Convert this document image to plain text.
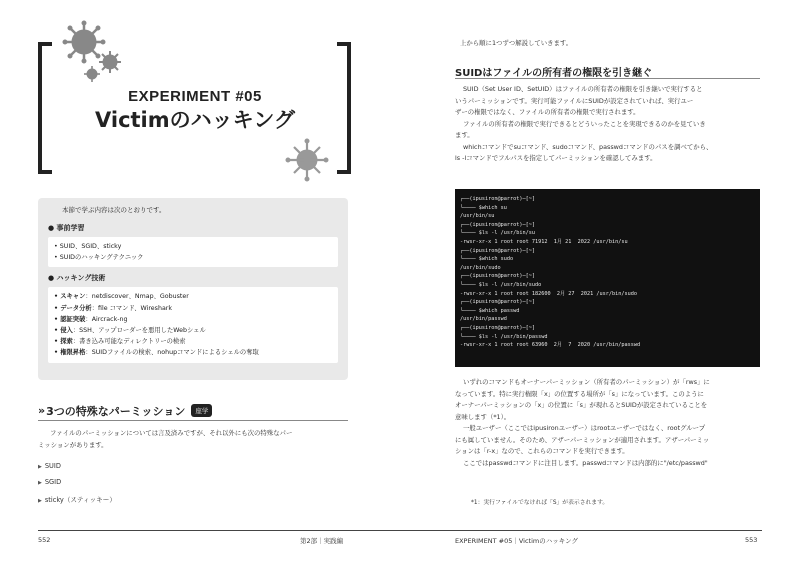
EXPERIMENT #05
Victimのハッキング
本節で学ぶ内容は次のとおりです。
● 事前学習
• SUID、SGID、sticky
• SUIDのハッキングテクニック
● ハッキング技術
• スキャン：netdiscover、Nmap、Gobuster
• データ分析：file コマンド、Wireshark
• 認証突破：Aircrack-ng
• 侵入：SSH、アップローダーを悪用したWebシェル
• 探索：書き込み可能なディレクトリーの検索
• 権限昇格：SUIDファイルの検索、nohupコマンドによるシェルの奪取
» 3つの特殊なパーミッション	座学
ファイルのパーミッションについては言及済みですが、それ以外にも次の特殊なパー
ミッションがあります。
▶ SUID
▶ SGID
▶ sticky（スティッキー）
552	第2部｜実践編
上から順に1つずつ解説していきます。
SUIDはファイルの所有者の権限を引き継ぐ
SUID（Set User ID、SetUID）はファイルの所有者の権限を引き継いで実行すると
いうパーミッションです。実行可能ファイルにSUIDが設定されていれば、実行ユー
ザーの権限ではなく、ファイルの所有者の権限で実行されます。
ファイルの所有者の権限で実行できるとどういったことを実現できるのかを見ていき
ます。
whichコマンドでsuコマンド、sudoコマンド、passwdコマンドのパスを調べてから、
ls -lコマンドでフルパスを指定してパーミッションを確認してみます。
┌──(ipusiron@parrot)─[~]
└──── $which su
/usr/bin/su
┌──(ipusiron@parrot)─[~]
└──── $ls -l /usr/bin/su
-rwsr-xr-x 1 root root 71912  1月 21  2022 /usr/bin/su
┌──(ipusiron@parrot)─[~]
└──── $which sudo
/usr/bin/sudo
┌──(ipusiron@parrot)─[~]
└──── $ls -l /usr/bin/sudo
-rwsr-xr-x 1 root root 182600  2月 27  2021 /usr/bin/sudo
┌──(ipusiron@parrot)─[~]
└──── $which passwd
/usr/bin/passwd
┌──(ipusiron@parrot)─[~]
└──── $ls -l /usr/bin/passwd
-rwsr-xr-x 1 root root 63960  2月  7  2020 /usr/bin/passwd
いずれのコマンドもオーナーパーミッション（所有者のパーミッション）が「rws」に
なっています。特に実行権限「x」の位置する場所が「s」になっています。このように
オーナーパーミッションの「x」の位置に「s」が現れるとSUIDが設定されていることを
意味します（*1）。
一般ユーザー（ここではipusironユーザー）はrootユーザーではなく、rootグループ
にも属していません。そのため、アザーパーミッションが適用されます。アザーパーミッ
ションは「r-x」なので、これらのコマンドを実行できます。
ここではpasswdコマンドに注目します。passwdコマンドは内部的に"/etc/passwd"
*1：実行ファイルでなければ「S」が表示されます。
EXPERIMENT #05｜Victimのハッキング	553
